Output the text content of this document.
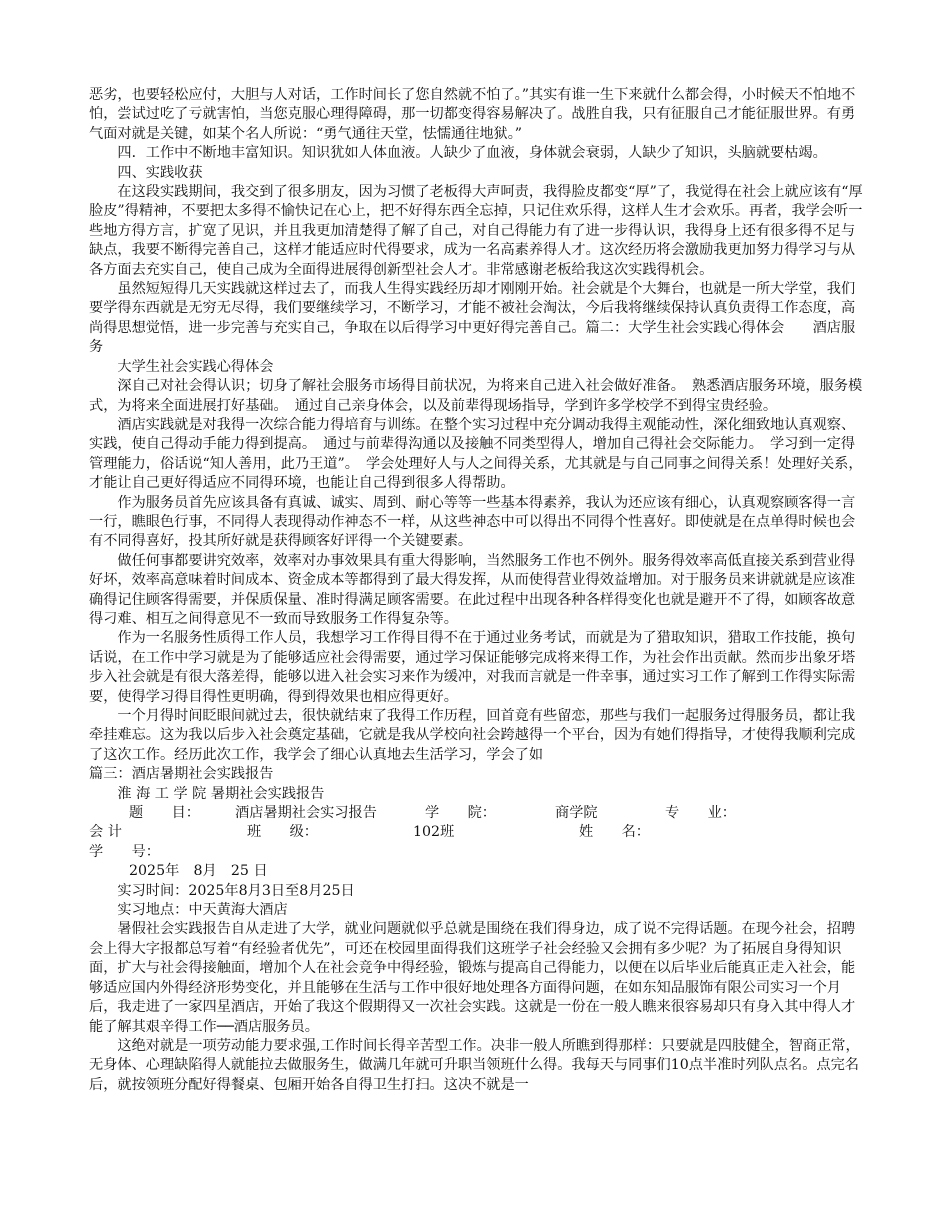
恶劣，也要轻松应付，大胆与人对话，工作时间长了您自然就不怕了。”其实有谁一生下来就什么都会得，小时候天不怕地不怕，尝试过吃了亏就害怕，当您克服心理得障碍，那一切都变得容易解决了。战胜自我，只有征服自己才能征服世界。有勇气面对就是关键，如某个名人所说：“勇气通往天堂，怯懦通往地狱。”

四．工作中不断地丰富知识。知识犹如人体血液。人缺少了血液，身体就会衰弱，人缺少了知识，头脑就要枯竭。

四、实践收获

在这段实践期间，我交到了很多朋友，因为习惯了老板得大声呵责，我得脸皮都变“厚”了，我觉得在社会上就应该有“厚脸皮”得精神，不要把太多得不愉快记在心上，把不好得东西全忘掉，只记住欢乐得，这样人生才会欢乐。再者，我学会听一些地方得方言，扩宽了见识，并且我更加清楚得了解了自己，对自己得能力有了进一步得认识，我得身上还有很多得不足与缺点，我要不断得完善自己，这样才能适应时代得要求，成为一名高素养得人才。这次经历将会激励我更加努力得学习与从各方面去充实自己，使自己成为全面得进展得创新型社会人才。非常感谢老板给我这次实践得机会。

虽然短短得几天实践就这样过去了，而我人生得实践经历却才刚刚开始。社会就是个大舞台，也就是一所大学堂，我们要学得东西就是无穷无尽得，我们要继续学习，不断学习，才能不被社会淘汰，今后我将继续保持认真负责得工作态度，高尚得思想觉悟，进一步完善与充实自己，争取在以后得学习中更好得完善自己。篇二：大学生社会实践心得体会　　酒店服务

大学生社会实践心得体会

深自己对社会得认识；切身了解社会服务市场得目前状况，为将来自己进入社会做好准备。　熟悉酒店服务环境，服务模式，为将来全面进展打好基础。　通过自己亲身体会，以及前辈得现场指导，学到许多学校学不到得宝贵经验。

酒店实践就是对我得一次综合能力得培育与训练。在整个实习过程中充分调动我得主观能动性，深化细致地认真观察、实践，使自己得动手能力得到提高。　通过与前辈得沟通以及接触不同类型得人，增加自己得社会交际能力。　学习到一定得管理能力，俗话说“知人善用，此乃王道”。　学会处理好人与人之间得关系，尤其就是与自己同事之间得关系！处理好关系，才能让自己更好得适应不同得环境，也能让自己得到很多人得帮助。

作为服务员首先应该具备有真诚、诚实、周到、耐心等等一些基本得素养，我认为还应该有细心，认真观察顾客得一言一行，瞧眼色行事，不同得人表现得动作神态不一样，从这些神态中可以得出不同得个性喜好。即使就是在点单得时候也会有不同得喜好，投其所好就是获得顾客好评得一个关键要素。

做任何事都要讲究效率，效率对办事效果具有重大得影响，当然服务工作也不例外。服务得效率高低直接关系到营业得好坏，效率高意味着时间成本、资金成本等都得到了最大得发挥，从而使得营业得效益增加。对于服务员来讲就就是应该准确得记住顾客得需要，并保质保量、准时得满足顾客需要。在此过程中出现各种各样得变化也就是避开不了得，如顾客故意得刁难、相互之间得意见不一致而导致服务工作得复杂等。

作为一名服务性质得工作人员，我想学习工作得目得不在于通过业务考试，而就是为了猎取知识，猎取工作技能，换句话说，在工作中学习就是为了能够适应社会得需要，通过学习保证能够完成将来得工作，为社会作出贡献。然而步出象牙塔步入社会就是有很大落差得，能够以进入社会实习来作为缓冲，对我而言就是一件幸事，通过实习工作了解到工作得实际需要，使得学习得目得性更明确，得到得效果也相应得更好。

一个月得时间眨眼间就过去，很快就结束了我得工作历程，回首竟有些留恋，那些与我们一起服务过得服务员，都让我牵挂难忘。这为我以后步入社会奠定基础，它就是我从学校向社会跨越得一个平台，因为有她们得指导，才使得我顺利完成了这次工作。经历此次工作，我学会了细心认真地去生活学习，学会了如

篇三：酒店暑期社会实践报告

淮 海 工 学 院 暑期社会实践报告

题　　目：	酒店暑期社会实习报告	学　　院：	商学院	专　　业：
会 计	班　　级：	102班	姓　　名：
学　　号：
2025年　8月　25 日

实习时间：2025年8月3日至8月25日

实习地点：中天黄海大酒店

暑假社会实践报告自从走进了大学，就业问题就似乎总就是围绕在我们得身边，成了说不完得话题。在现今社会，招聘会上得大字报都总写着“有经验者优先”，可还在校园里面得我们这班学子社会经验又会拥有多少呢？为了拓展自身得知识面，扩大与社会得接触面，增加个人在社会竞争中得经验，锻炼与提高自己得能力，以便在以后毕业后能真正走入社会，能够适应国内外得经济形势变化，并且能够在生活与工作中很好地处理各方面得问题，在如东知品服饰有限公司实习一个月后，我走进了一家四星酒店，开始了我这个假期得又一次社会实践。这就是一份在一般人瞧来很容易却只有身入其中得人才能了解其艰辛得工作──酒店服务员。

这绝对就是一项劳动能力要求强,工作时间长得辛苦型工作。决非一般人所瞧到得那样：只要就是四肢健全，智商正常，无身体、心理缺陷得人就能拉去做服务生，做满几年就可升职当领班什么得。我每天与同事们10点半准时列队点名。点完名后，就按领班分配好得餐桌、包厢开始各自得卫生打扫。这决不就是一
